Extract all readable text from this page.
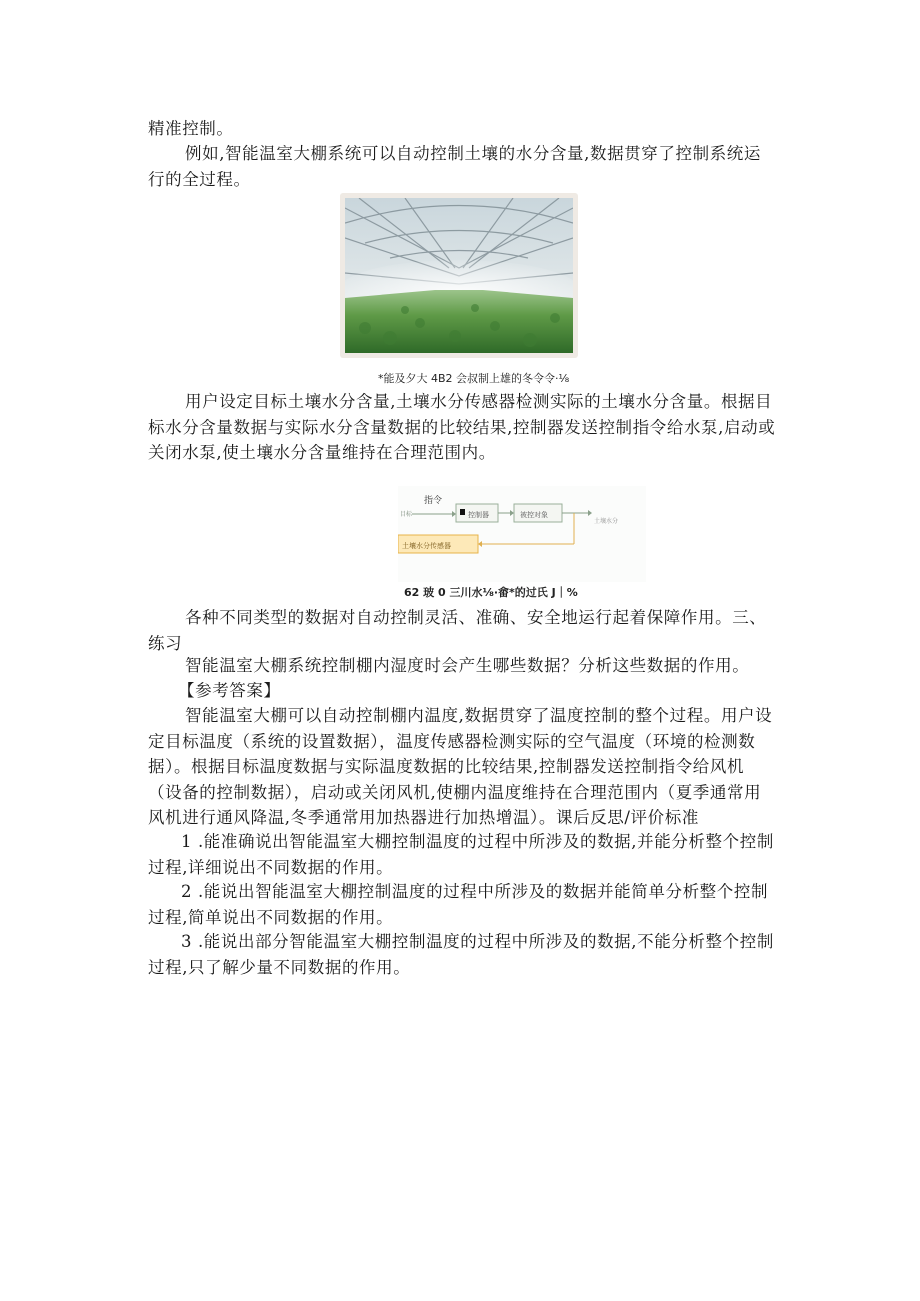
精准控制。
例如,智能温室大棚系统可以自动控制土壤的水分含量,数据贯穿了控制系统运行的全过程。
*能及夕大 4B2 会叔制上雄的冬令令·⅛
用户设定目标土壤水分含量,土壤水分传感器检测实际的土壤水分含量。根据目标水分含量数据与实际水分含量数据的比较结果,控制器发送控制指令给水泵,启动或关闭水泵,使土壤水分含量维持在合理范围内。
目标
指令
控制器	被控对象
土壤水分
土壤水分传感器
62 玻 0 三川水⅛·畲*的过氏 J｜%
各种不同类型的数据对自动控制灵活、准确、安全地运行起着保障作用。三、练习
智能温室大棚系统控制棚内湿度时会产生哪些数据？分析这些数据的作用。
【参考答案】
智能温室大棚可以自动控制棚内温度,数据贯穿了温度控制的整个过程。用户设定目标温度（系统的设置数据），温度传感器检测实际的空气温度（环境的检测数据）。根据目标温度数据与实际温度数据的比较结果,控制器发送控制指令给风机（设备的控制数据），启动或关闭风机,使棚内温度维持在合理范围内（夏季通常用风机进行通风降温,冬季通常用加热器进行加热增温）。课后反思/评价标准
1 .能准确说出智能温室大棚控制温度的过程中所涉及的数据,并能分析整个控制过程,详细说出不同数据的作用。
2 .能说出智能温室大棚控制温度的过程中所涉及的数据并能简单分析整个控制过程,简单说出不同数据的作用。
3 .能说出部分智能温室大棚控制温度的过程中所涉及的数据,不能分析整个控制过程,只了解少量不同数据的作用。
